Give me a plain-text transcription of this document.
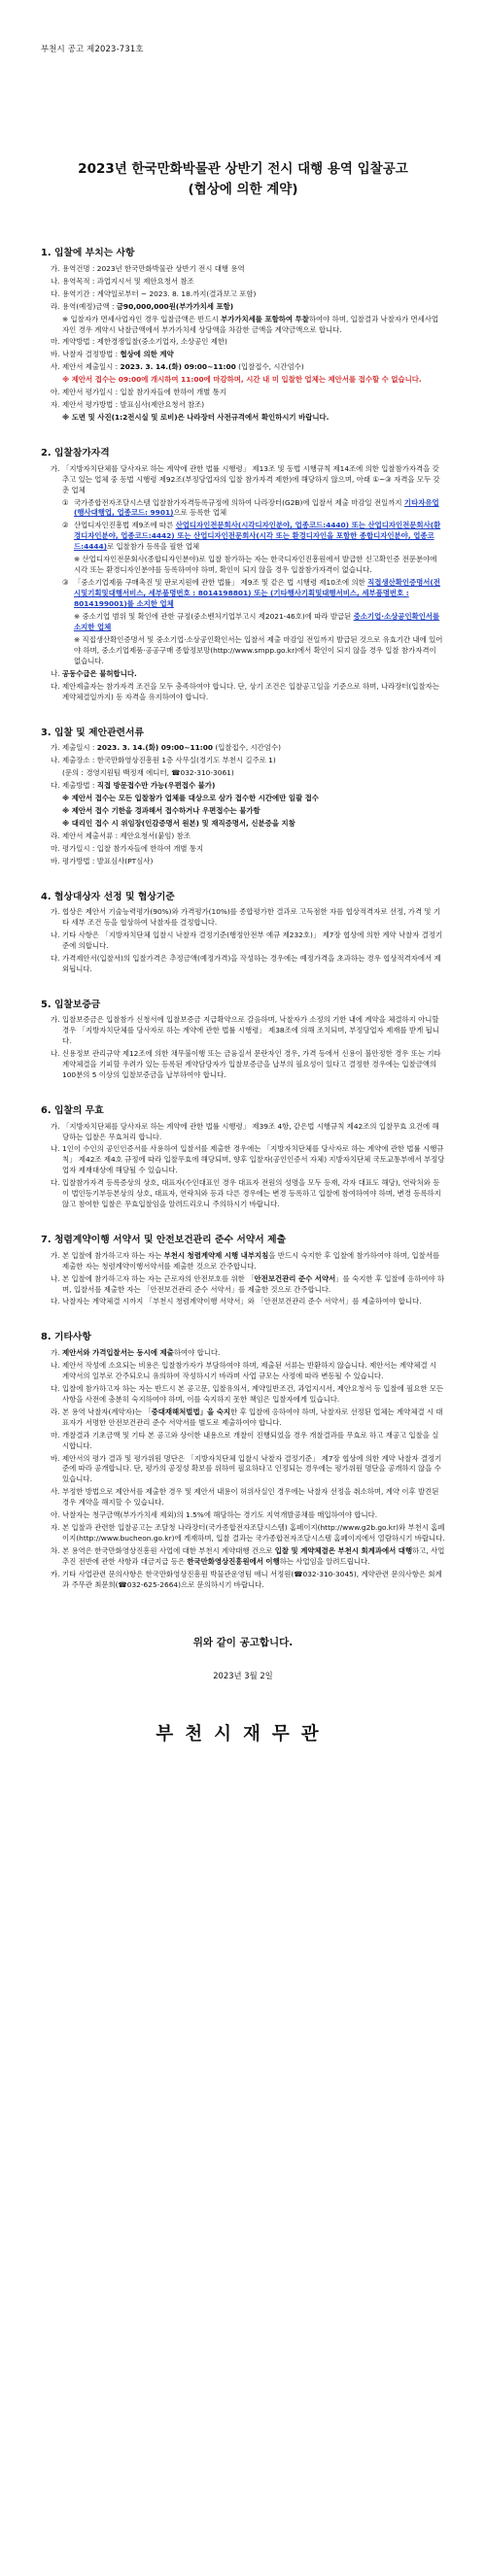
부천시 공고 제2023-731호
2023년 한국만화박물관 상반기 전시 대행 용역 입찰공고
(협상에 의한 계약)
1. 입찰에 부치는 사항
가. 용역건명 : 2023년 한국만화박물관 상반기 전시 대행 용역
나. 용역목적 : 과업지시서 및 제안요청서 참조
다. 용역기간 : 계약일로부터 ~ 2023. 8. 18.까지(결과보고 포함)
라. 용역(예정)금액 : 금90,000,000원(부가가치세 포함)
※ 입찰자가 면세사업자인 경우 입찰금액은 반드시 부가가치세를 포함하여 투찰하여야 하며, 입찰결과 낙찰자가 면세사업자인 경우 계약시 낙찰금액에서 부가가치세 상당액을 차감한 금액을 계약금액으로 합니다.
마. 계약방법 : 제한경쟁입찰(중소기업자, 소상공인 제한)
바. 낙찰자 결정방법 : 협상에 의한 계약
사. 제안서 제출일시 : 2023. 3. 14.(화) 09:00~11:00 (입찰접수, 시간엄수)
※ 제안서 접수는 09:00에 개시하여 11:00에 마감하며, 시간 내 미 입찰한 업체는 제안서를 접수할 수 없습니다.
아. 제안서 평가일시 : 입찰 참가자들에 한하여 개별 통지
자. 제안서 평가방법 : 발표심사(제안요청서 참조)
※ 도면 및 사진(1:2전시실 및 로비)은 나라장터 사전규격에서 확인하시기 바랍니다.
2. 입찰참가자격
가. 「지방자치단체를 당사자로 하는 계약에 관한 법률 시행령」 제13조 및 동법 시행규칙 제14조에 의한 입찰참가자격을 갖추고 있는 업체 중 동법 시행령 제92조(부정당업자의 입찰 참가자격 제한)에 해당하지 않으며, 아래 ①~③ 자격을 모두 갖춘 업체
① 국가종합전자조달시스템 입찰참가자격등록규정에 의하여 나라장터(G2B)에 입찰서 제출 마감일 전일까지 기타자유업(행사대행업, 업종코드: 9901)으로 등록한 업체
② 산업디자인진흥법 제9조에 따른 산업디자인전문회사(시각디자인분야, 업종코드:4440) 또는 산업디자인전문회사(환경디자인분야, 업종코드:4442) 또는 산업디자인전문회사(시각 또는 환경디자인을 포함한 종합디자인분야, 업종코드:4444)로 입찰참가 등록을 필한 업체
※ 산업디자인전문회사(종합디자인분야)로 입찰 참가하는 자는 한국디자인진흥원에서 발급한 신고확인증 전문분야에 시각 또는 환경디자인분야를 등록하여야 하며, 확인이 되지 않을 경우 입찰참가자격이 없습니다.
③ 「중소기업제품 구매촉진 및 판로지원에 관한 법률」 제9조 및 같은 법 시행령 제10조에 의한 직접생산확인증명서(전시및기획및대행서비스, 세부품명번호 : 8014198801) 또는 (기타행사기획및대행서비스, 세부품명번호 : 8014199001)를 소지한 업체
※ 중소기업 범위 및 확인에 관한 규정(중소벤처기업부고시 제2021-46호)에 따라 발급된 중소기업·소상공인확인서를 소지한 업체
※ 직접생산확인증명서 및 중소기업·소상공인확인서는 입찰서 제출 마감일 전일까지 발급된 것으로 유효기간 내에 있어야 하며, 중소기업제품·공공구매 종합정보망(http://www.smpp.go.kr)에서 확인이 되지 않을 경우 입찰 참가자격이 없습니다.
나. 공동수급은 불허합니다.
다. 제안제출자는 참가자격 조건을 모두 충족하여야 합니다. 단, 상기 조건은 입찰공고일을 기준으로 하며, 나라장터(입찰자는 계약체결일까지) 동 자격을 유지하여야 합니다.
3. 입찰 및 제안관련서류
가. 제출일시 : 2023. 3. 14.(화) 09:00~11:00 (입찰접수, 시간엄수)
나. 제출장소 : 한국만화영상진흥원 1층 사무실(경기도 부천시 길주로 1)
(문의 : 경영지원팀 백정재 에디터, ☎032-310-3061)
다. 제출방법 : 직접 방문접수만 가능(우편접수 불가)
※ 제안서 접수는 모든 입찰참가 업체를 대상으로 삼가 접수한 시간에만 일괄 접수
※ 제안서 접수 기한을 경과해서 접수하거나 우편접수는 불가함
※ 대리인 접수 시 위임장(인감증명서 원본) 및 재직증명서, 신분증을 지참
라. 제안서 제출서류 : 제안요청서(붙임) 참조
마. 평가일시 : 입찰 참가자들에 한하여 개별 통지
바. 평가방법 : 발표심사(PT심사)
4. 협상대상자 선정 및 협상기준
가. 협상은 제안서 기술능력평가(90%)와 가격평가(10%)를 종합평가한 결과로 고득점한 자를 협상적격자로 선정, 가격 및 기타 세부 조건 등을 협상하여 낙찰자를 결정합니다.
나. 기타 사항은 「지방자치단체 입찰시 낙찰자 결정기준(행정안전부 예규 제232호)」 제7장 협상에 의한 계약 낙찰자 결정기준에 의합니다.
다. 가격제안서(입찰서)의 입찰가격은 추정금액(예정가격)을 작성하는 경우에는 예정가격을 초과하는 경우 협상적격자에서 제외됩니다.
5. 입찰보증금
가. 입찰보증금은 입찰참가 신청서에 입찰보증금 지급확약으로 갈음하며, 낙찰자가 소정의 기한 내에 계약을 체결하지 아니할 경우 「지방자치단체를 당사자로 하는 계약에 관한 법률 시행령」 제38조에 의해 조치되며, 부정당업자 제재를 받게 됩니다.
나. 신용정보 관리규약 제12조에 의한 채무불이행 또는 금융질서 문란자인 경우, 가격 등에서 신용이 불안정한 경우 또는 기타 계약체결을 기피할 우려가 있는 등록된 계약담당자가 입찰보증금을 납부의 필요성이 있다고 결정한 경우에는 입찰금액의 100분의 5 이상의 입찰보증금을 납부하여야 합니다.
6. 입찰의 무효
가. 「지방자치단체를 당사자로 하는 계약에 관한 법률 시행령」 제39조 4항, 같은법 시행규칙 제42조의 입찰무효 요건에 해당하는 입찰은 무효처리 합니다.
나. 1인이 수인의 공인인증서를 사용하여 입찰서를 제출한 경우에는 「지방자치단체를 당사자로 하는 계약에 관한 법률 시행규칙」 제42조 제4호 규정에 따라 입찰무효에 해당되며, 향후 입찰자(공인인증서 자체) 지방자치단체 국토교통부에서 부정당업자 제재대상에 해당될 수 있습니다.
다. 입찰참가자격 등록증상의 상호, 대표자(수인대표인 경우 대표자 전원의 성명을 모두 등재, 각자 대표도 해당), 연락처와 등이 법인등기부등본상의 상호, 대표자, 연락처와 등과 다른 경우에는 변경 등록하고 입찰에 참여하여야 하며, 변경 등록하지 않고 참여한 입찰은 무효입찰임을 알려드리오니 주의하시기 바랍니다.
7. 청렴계약이행 서약서 및 안전보건관리 준수 서약서 제출
가. 본 입찰에 참가하고자 하는 자는 부천시 청렴계약제 시행 내부지침을 반드시 숙지한 후 입찰에 참가하여야 하며, 입찰서를 제출한 자는 청렴계약이행서약서를 제출한 것으로 간주합니다.
나. 본 입찰에 참가하고자 하는 자는 근로자의 안전보호를 위한 「안전보건관리 준수 서약서」를 숙지한 후 입찰에 응하여야 하며, 입찰서를 제출한 자는 「안전보건관리 준수 서약서」를 제출한 것으로 간주합니다.
다. 낙찰자는 계약체결 시까지 「부천시 청렴계약이행 서약서」와 「안전보건관리 준수 서약서」를 제출하여야 합니다.
8. 기타사항
가. 제안서와 가격입찰서는 동시에 제출하여야 합니다.
나. 제안서 작성에 소요되는 비용은 입찰참가자가 부담하여야 하며, 제출된 서류는 반환하지 않습니다. 제안서는 계약체결 시 계약서의 일부로 간주되오니 유의하여 작성하시기 바라며 사업 규모는 사정에 따라 변동될 수 있습니다.
다. 입찰에 참가하고자 하는 자는 반드시 본 공고문, 입찰유의서, 계약일반조건, 과업지시서, 제안요청서 등 입찰에 필요한 모든 사항을 사전에 충분히 숙지하여야 하며, 이를 숙지하지 못한 책임은 입찰자에게 있습니다.
라. 본 용역 낙찰자(계약자)는 「중대재해처벌법」을 숙지한 후 입찰에 응하여야 하며, 낙찰자로 선정된 업체는 계약체결 시 대표자가 서명한 안전보건관리 준수 서약서를 별도로 제출하여야 합니다.
마. 개찰결과 기초금액 및 기타 본 공고와 상이한 내용으로 개찰이 진행되었을 경우 개찰결과를 무효로 하고 재공고 입찰을 실시합니다.
바. 제안서의 평가 결과 및 평가위원 명단은 「지방자치단체 입찰시 낙찰자 결정기준」 제7장 협상에 의한 계약 낙찰자 결정기준에 따라 공개합니다. 단, 평가의 공정성 확보를 위하여 필요하다고 인정되는 경우에는 평가위원 명단을 공개하지 않을 수 있습니다.
사. 부정한 방법으로 제안서를 제출한 경우 및 제안서 내용이 허위사실인 경우에는 낙찰자 선정을 취소하며, 계약 이후 발견된 경우 계약을 해지할 수 있습니다.
아. 낙찰자는 청구금액(부가가치세 제외)의 1.5%에 해당하는 경기도 지역개발공채를 매입하여야 합니다.
자. 본 입찰과 관련한 입찰공고는 조달청 나라장터(국가종합전자조달시스템) 홈페이지(http://www.g2b.go.kr)와 부천시 홈페이지(http://www.bucheon.go.kr)에 게재하며, 입찰 결과는 국가종합전자조달시스템 홈페이지에서 열람하시기 바랍니다.
차. 본 용역은 한국만화영상진흥원 사업에 대한 부천시 계약대행 건으로 입찰 및 계약체결은 부천시 회계과에서 대행하고, 사업추진 전반에 관한 사항과 대금지급 등은 한국만화영상진흥원에서 이행하는 사업임을 알려드립니다.
카. 기타 사업관련 문의사항은 한국만화영상진흥원 박물관운영팀 애니 서정원(☎032-310-3045), 계약관련 문의사항은 회계과 주무관 최문희(☎032-625-2664)으로 문의하시기 바랍니다.
위와 같이 공고합니다.
2023년 3월 2일
부천시재무관
